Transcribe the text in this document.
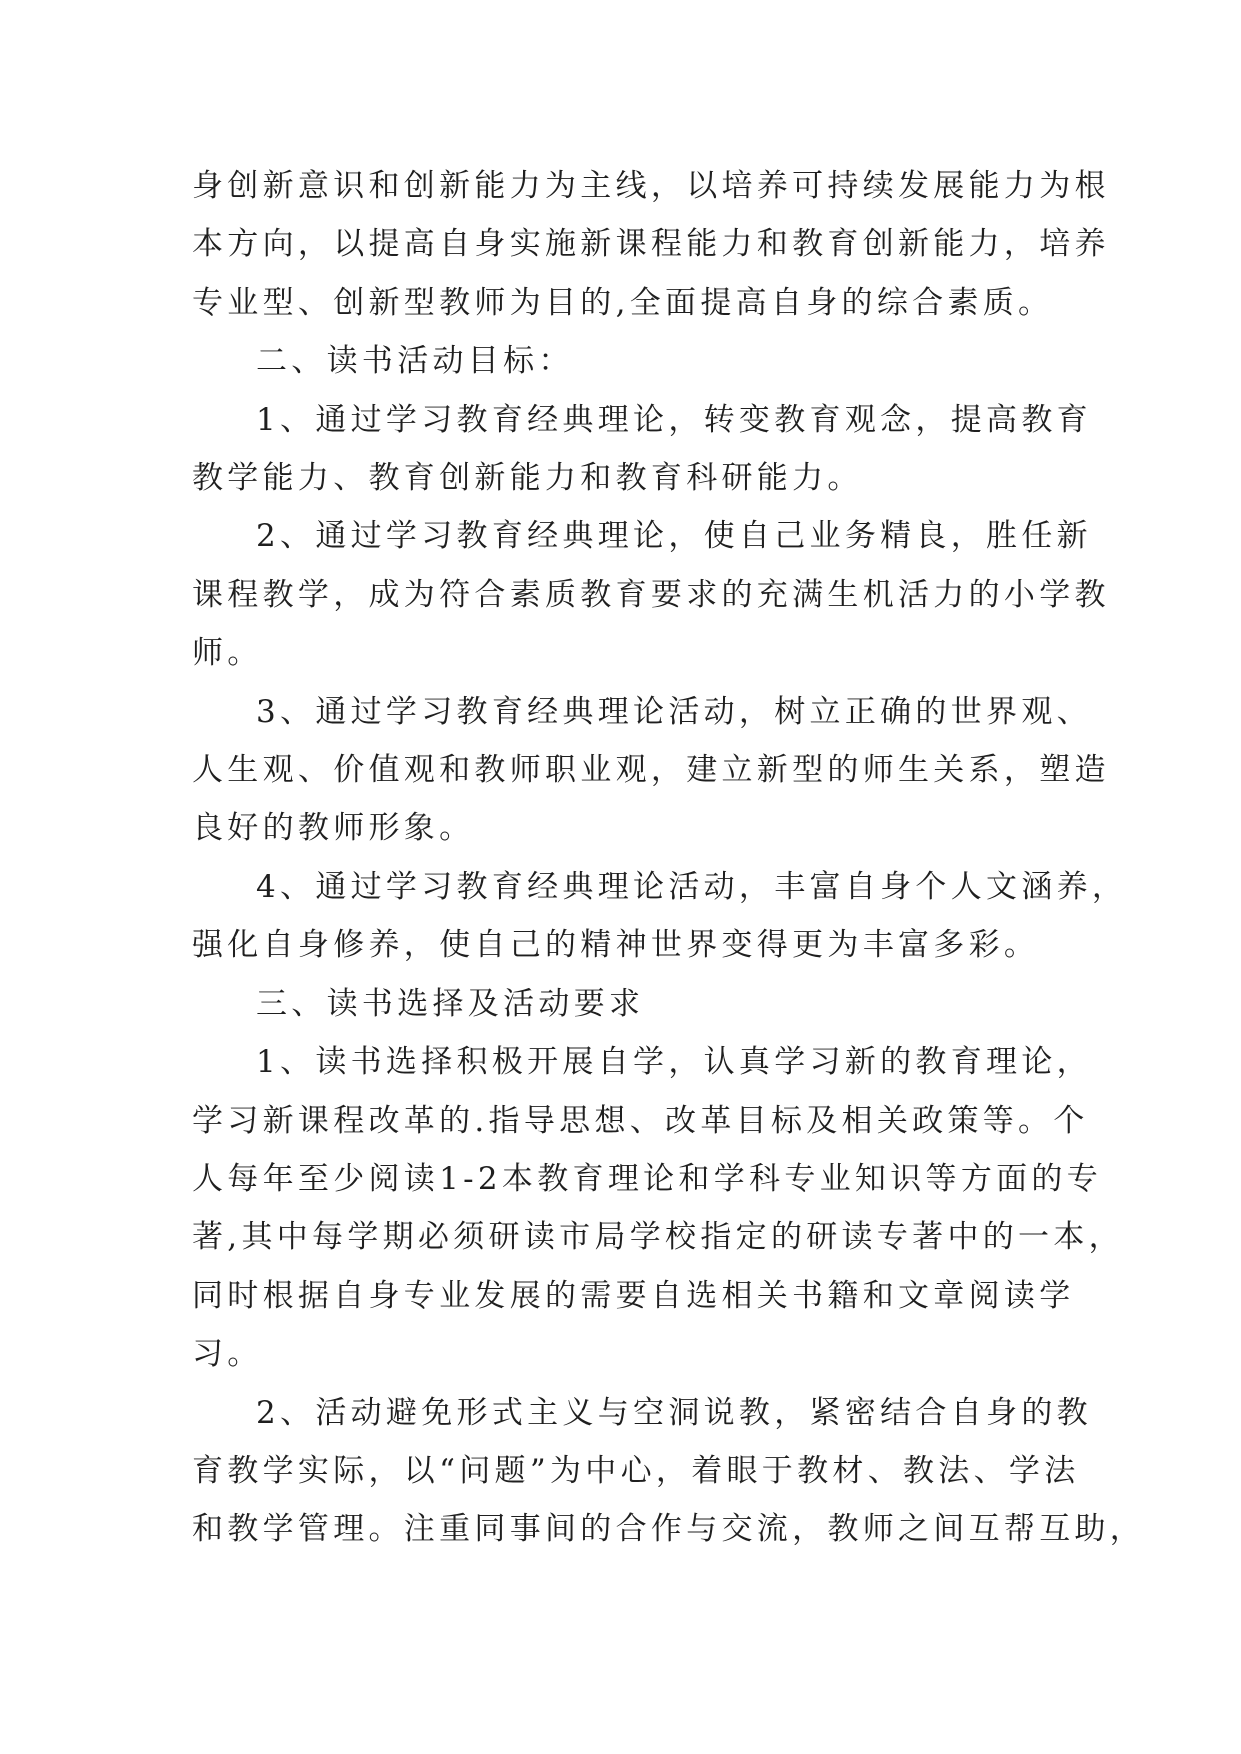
身创新意识和创新能力为主线，以培养可持续发展能力为根
本方向，以提高自身实施新课程能力和教育创新能力，培养
专业型、创新型教师为目的,全面提高自身的综合素质。
二、读书活动目标：
1、通过学习教育经典理论，转变教育观念，提高教育
教学能力、教育创新能力和教育科研能力。
2、通过学习教育经典理论，使自己业务精良，胜任新
课程教学，成为符合素质教育要求的充满生机活力的小学教
师。
3、通过学习教育经典理论活动，树立正确的世界观、
人生观、价值观和教师职业观，建立新型的师生关系，塑造
良好的教师形象。
4、通过学习教育经典理论活动，丰富自身个人文涵养，
强化自身修养，使自己的精神世界变得更为丰富多彩。
三、读书选择及活动要求
1、读书选择积极开展自学，认真学习新的教育理论，
学习新课程改革的.指导思想、改革目标及相关政策等。个
人每年至少阅读1-2本教育理论和学科专业知识等方面的专
著,其中每学期必须研读市局学校指定的研读专著中的一本，
同时根据自身专业发展的需要自选相关书籍和文章阅读学
习。
2、活动避免形式主义与空洞说教，紧密结合自身的教
育教学实际，以“问题”为中心，着眼于教材、教法、学法
和教学管理。注重同事间的合作与交流，教师之间互帮互助，
